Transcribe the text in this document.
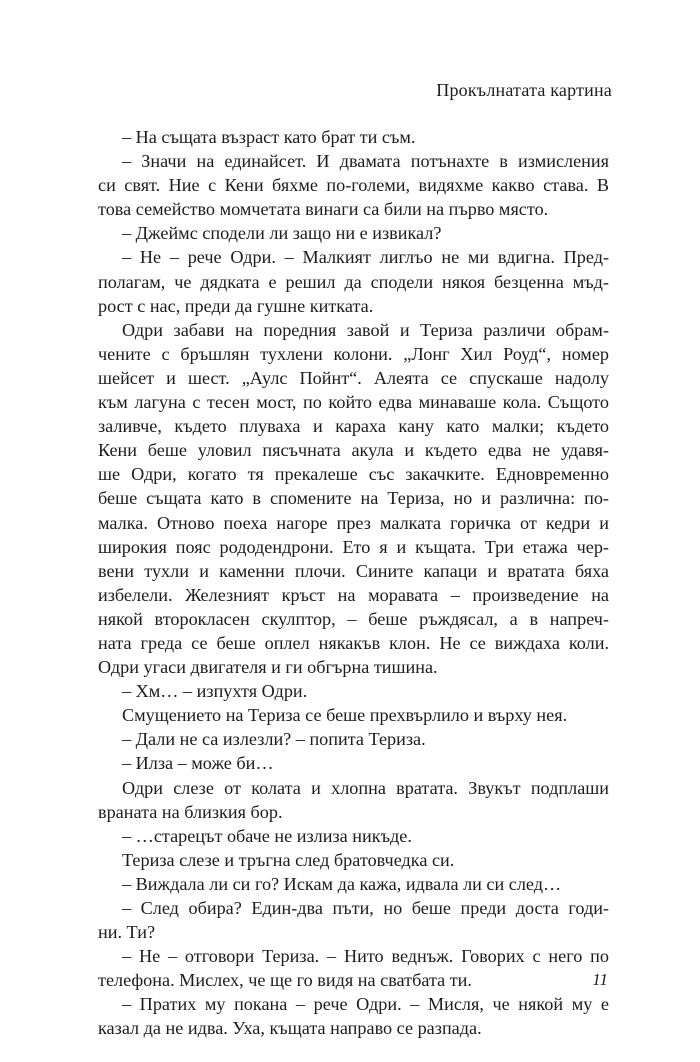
Прокълнатата картина
– На същата възраст като брат ти съм.
– Значи на единайсет. И двамата потънахте в измисления
си свят. Ние с Кени бяхме по-големи, видяхме какво става. В
това семейство момчетата винаги са били на първо място.
– Джеймс сподели ли защо ни е извикал?
– Не – рече Одри. – Малкият лиглъо не ми вдигна. Пред-
полагам, че дядката е решил да сподели някоя безценна мъд-
рост с нас, преди да гушне китката.
Одри забави на поредния завой и Териза различи обрам-
чените с бръшлян тухлени колони. „Лонг Хил Роуд“, номер
шейсет и шест. „Аулс Пойнт“. Алеята се спускаше надолу
към лагуна с тесен мост, по който едва минаваше кола. Същото
заливче, където плуваха и караха кану като малки; където
Кени беше уловил пясъчната акула и където едва не удавя-
ше Одри, когато тя прекалеше със закачките. Едновременно
беше същата като в спомените на Териза, но и различна: по-
малка. Отново поеха нагоре през малката горичка от кедри и
широкия пояс рододендрони. Ето я и къщата. Три етажа чер-
вени тухли и каменни плочи. Сините капаци и вратата бяха
избелели. Железният кръст на моравата – произведение на
някой второкласен скулптор, – беше ръждясал, а в напреч-
ната греда се беше оплел някакъв клон. Не се виждаха коли.
Одри угаси двигателя и ги обгърна тишина.
– Хм… – изпухтя Одри.
Смущението на Териза се беше прехвърлило и върху нея.
– Дали не са излезли? – попита Териза.
– Илза – може би…
Одри слезе от колата и хлопна вратата. Звукът подплаши
враната на близкия бор.
– …старецът обаче не излиза никъде.
Териза слезе и тръгна след братовчедка си.
– Виждала ли си го? Искам да кажа, идвала ли си след…
– След обира? Един-два пъти, но беше преди доста годи-
ни. Ти?
– Не – отговори Териза. – Нито веднъж. Говорих с него по
телефона. Мислех, че ще го видя на сватбата ти.
– Пратих му покана – рече Одри. – Мисля, че някой му е
казал да не идва. Уха, къщата направо се разпада.
11
